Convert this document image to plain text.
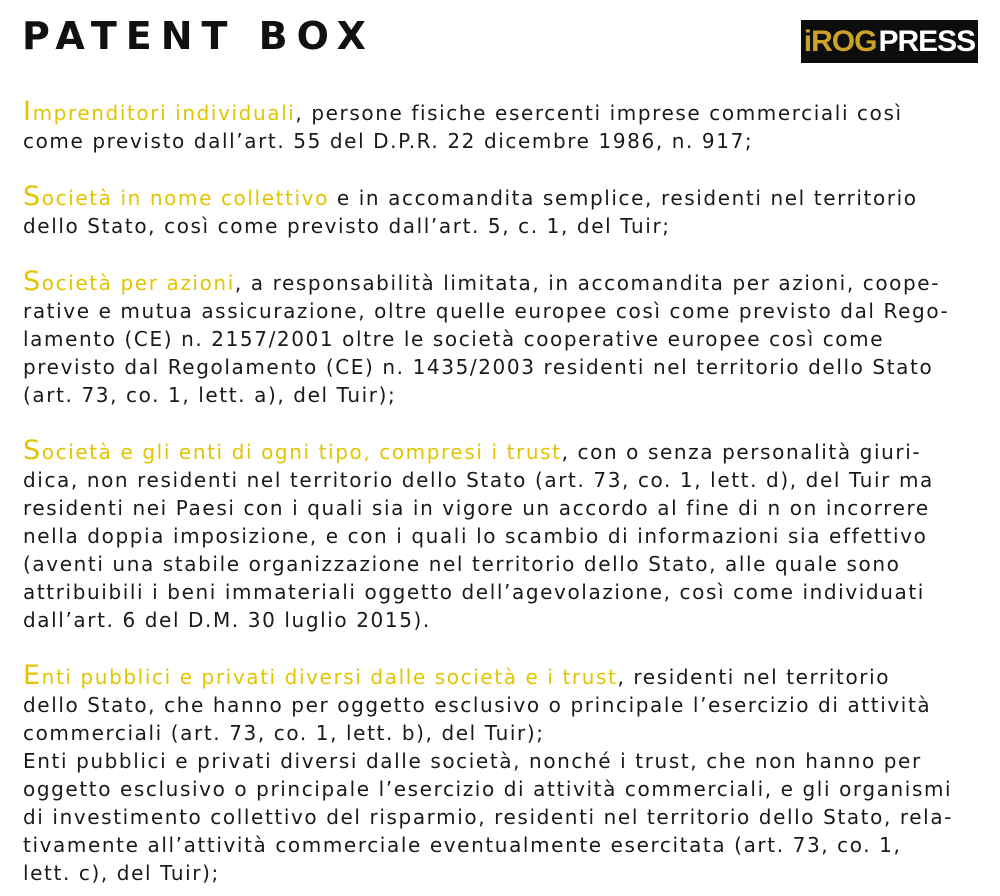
PATENT BOX	iROG PRESS

Imprenditori individuali, persone fisiche esercenti imprese commerciali così
come previsto dall’art. 55 del D.P.R. 22 dicembre 1986, n. 917;

Società in nome collettivo e in accomandita semplice, residenti nel territorio
dello Stato, così come previsto dall’art. 5, c. 1, del Tuir;

Società per azioni, a responsabilità limitata, in accomandita per azioni, coope-
rative e mutua assicurazione, oltre quelle europee così come previsto dal Rego-
lamento (CE) n. 2157/2001 oltre le società cooperative europee così come
previsto dal Regolamento (CE) n. 1435/2003 residenti nel territorio dello Stato
(art. 73, co. 1, lett. a), del Tuir);

Società e gli enti di ogni tipo, compresi i trust, con o senza personalità giuri-
dica, non residenti nel territorio dello Stato (art. 73, co. 1, lett. d), del Tuir ma
residenti nei Paesi con i quali sia in vigore un accordo al fine di n on incorrere
nella doppia imposizione, e con i quali lo scambio di informazioni sia effettivo
(aventi una stabile organizzazione nel territorio dello Stato, alle quale sono
attribuibili i beni immateriali oggetto dell’agevolazione, così come individuati
dall’art. 6 del D.M. 30 luglio 2015).

Enti pubblici e privati diversi dalle società e i trust, residenti nel territorio
dello Stato, che hanno per oggetto esclusivo o principale l’esercizio di attività
commerciali (art. 73, co. 1, lett. b), del Tuir);
Enti pubblici e privati diversi dalle società, nonché i trust, che non hanno per
oggetto esclusivo o principale l’esercizio di attività commerciali, e gli organismi
di investimento collettivo del risparmio, residenti nel territorio dello Stato, rela-
tivamente all’attività commerciale eventualmente esercitata (art. 73, co. 1,
lett. c), del Tuir);
